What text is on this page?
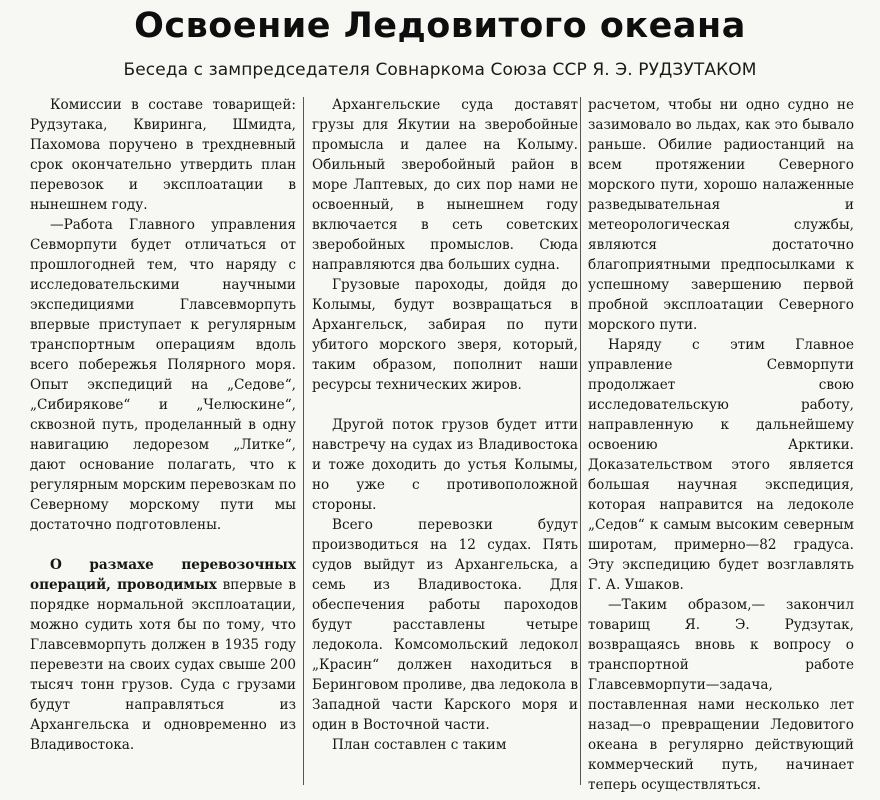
Освоение Ледовитого океана
Беседа с зампредседателя Совнаркома Союза ССР Я. Э. РУДЗУТАКОМ

Комиссии в составе товарищей: Рудзутака, Квиринга, Шмидта, Пахомова поручено в трехдневный срок окончательно утвердить план перевозок и эксплоатации в нынешнем году.

—Работа Главного управления Севморпути будет отличаться от прошлогодней тем, что наряду с исследовательскими научными экспедициями Главсевморпуть впервые приступает к регулярным транспортным операциям вдоль всего побережья Полярного моря. Опыт экспедиций на „Седове“, „Сибирякове“ и „Челюскине“, сквозной путь, проделанный в одну навигацию ледорезом „Литке“, дают основание полагать, что к регулярным морским перевозкам по Северному морскому пути мы достаточно подготовлены.

О размахе перевозочных операций, проводимых впервые в порядке нормальной эксплоатации, можно судить хотя бы по тому, что Главсевморпуть должен в 1935 году перевезти на своих судах свыше 200 тысяч тонн грузов. Суда с грузами будут направляться из Архангельска и одновременно из Владивостока.

Архангельские суда доставят грузы для Якутии на зверобойные промысла и далее на Колыму. Обильный зверобойный район в море Лаптевых, до сих пор нами не освоенный, в нынешнем году включается в сеть советских зверобойных промыслов. Сюда направляются два больших судна.

Грузовые пароходы, дойдя до Колымы, будут возвращаться в Архангельск, забирая по пути убитого морского зверя, который, таким образом, пополнит наши ресурсы технических жиров.

Другой поток грузов будет итти навстречу на судах из Владивостока и тоже доходить до устья Колымы, но уже с противоположной стороны.

Всего перевозки будут производиться на 12 судах. Пять судов выйдут из Архангельска, а семь из Владивостока. Для обеспечения работы пароходов будут расставлены четыре ледокола. Комсомольский ледокол „Красин“ должен находиться в Беринговом проливе, два ледокола в Западной части Карского моря и один в Восточной части.

План составлен с таким

расчетом, чтобы ни одно судно не зазимовало во льдах, как это бывало раньше. Обилие радиостанций на всем протяжении Северного морского пути, хорошо налаженные разведывательная и метеорологическая службы, являются достаточно благоприятными предпосылками к успешному завершению первой пробной эксплоатации Северного морского пути.

Наряду с этим Главное управление Севморпути продолжает свою исследовательскую работу, направленную к дальнейшему освоению Арктики. Доказательством этого является большая научная экспедиция, которая направится на ледоколе „Седов“ к самым высоким северным широтам, примерно—82 градуса. Эту экспедицию будет возглавлять Г. А. Ушаков.

—Таким образом,— закончил товарищ Я. Э. Рудзутак, возвращаясь вновь к вопросу о транспортной работе Главсевморпути—задача, поставленная нами несколько лет назад—о превращении Ледовитого океана в регулярно действующий коммерческий путь, начинает теперь осуществляться.
